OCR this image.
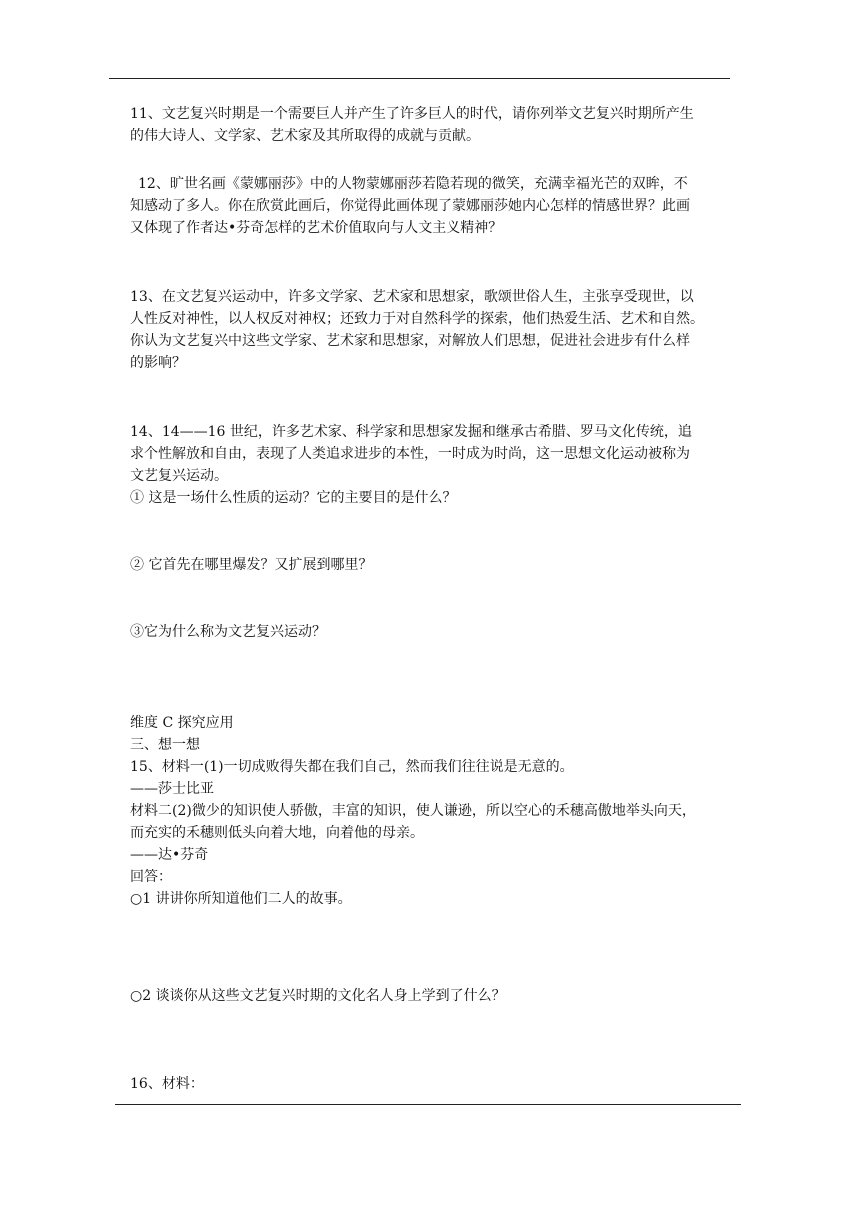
11、文艺复兴时期是一个需要巨人并产生了许多巨人的时代，请你列举文艺复兴时期所产生
的伟大诗人、文学家、艺术家及其所取得的成就与贡献。

12、旷世名画《蒙娜丽莎》中的人物蒙娜丽莎若隐若现的微笑，充满幸福光芒的双眸，不
知感动了多人。你在欣赏此画后，你觉得此画体现了蒙娜丽莎她内心怎样的情感世界？此画
又体现了作者达•芬奇怎样的艺术价值取向与人文主义精神？

13、在文艺复兴运动中，许多文学家、艺术家和思想家，歌颂世俗人生，主张享受现世，以
人性反对神性，以人权反对神权；还致力于对自然科学的探索，他们热爱生活、艺术和自然。
你认为文艺复兴中这些文学家、艺术家和思想家，对解放人们思想，促进社会进步有什么样
的影响？

14、14——16 世纪，许多艺术家、科学家和思想家发掘和继承古希腊、罗马文化传统，追
求个性解放和自由，表现了人类追求进步的本性，一时成为时尚，这一思想文化运动被称为
文艺复兴运动。
① 这是一场什么性质的运动？它的主要目的是什么？

② 它首先在哪里爆发？又扩展到哪里？

③它为什么称为文艺复兴运动？

维度 C 探究应用
三、想一想
15、材料一(1)一切成败得失都在我们自己，然而我们往往说是无意的。
——莎士比亚
材料二(2)微少的知识使人骄傲，丰富的知识，使人谦逊，所以空心的禾穗高傲地举头向天，
而充实的禾穗则低头向着大地，向着他的母亲。
——达•芬奇
回答：
○1 讲讲你所知道他们二人的故事。

○2 谈谈你从这些文艺复兴时期的文化名人身上学到了什么？

16、材料：
